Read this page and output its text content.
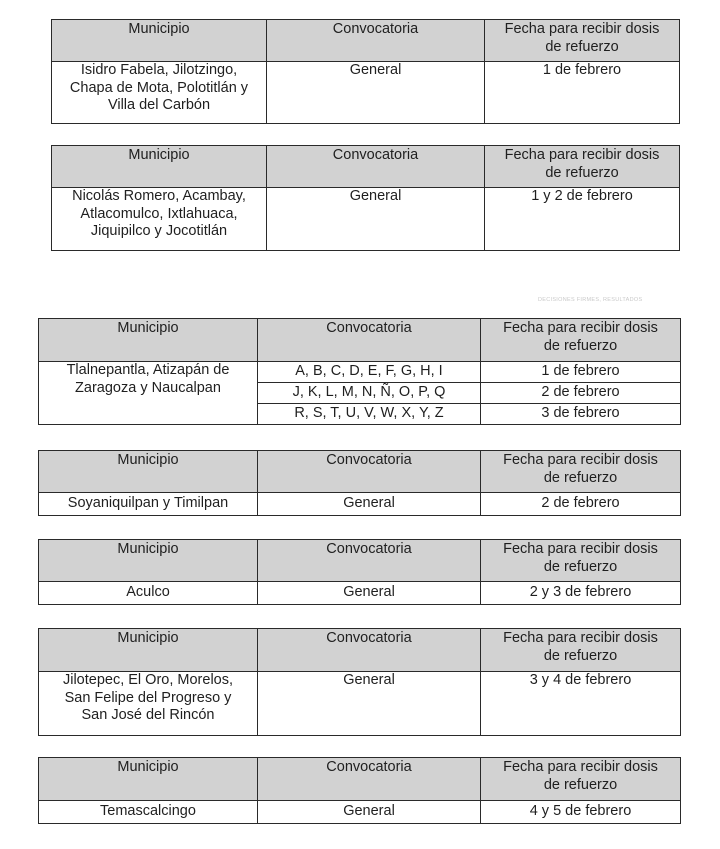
Municipio	Convocatoria	Fecha para recibir dosis
de refuerzo
Isidro Fabela, Jilotzingo,
Chapa de Mota, Polotitlán y
Villa del Carbón	General	1 de febrero
Municipio	Convocatoria	Fecha para recibir dosis
de refuerzo
Nicolás Romero, Acambay,
Atlacomulco, Ixtlahuaca,
Jiquipilco y Jocotitlán	General	1 y 2 de febrero
DECISIONES FIRMES, RESULTADOS
Municipio	Convocatoria	Fecha para recibir dosis
de refuerzo
Tlalnepantla, Atizapán de
Zaragoza y Naucalpan	A, B, C, D, E, F, G, H, I	1 de febrero
	J, K, L, M, N, Ñ, O, P, Q	2 de febrero
	R, S, T, U, V, W, X, Y, Z	3 de febrero
Municipio	Convocatoria	Fecha para recibir dosis
de refuerzo
Soyaniquilpan y Timilpan	General	2 de febrero
Municipio	Convocatoria	Fecha para recibir dosis
de refuerzo
Aculco	General	2 y 3 de febrero
Municipio	Convocatoria	Fecha para recibir dosis
de refuerzo
Jilotepec, El Oro, Morelos,
San Felipe del Progreso y
San José del Rincón	General	3 y 4 de febrero
Municipio	Convocatoria	Fecha para recibir dosis
de refuerzo
Temascalcingo	General	4 y 5 de febrero
